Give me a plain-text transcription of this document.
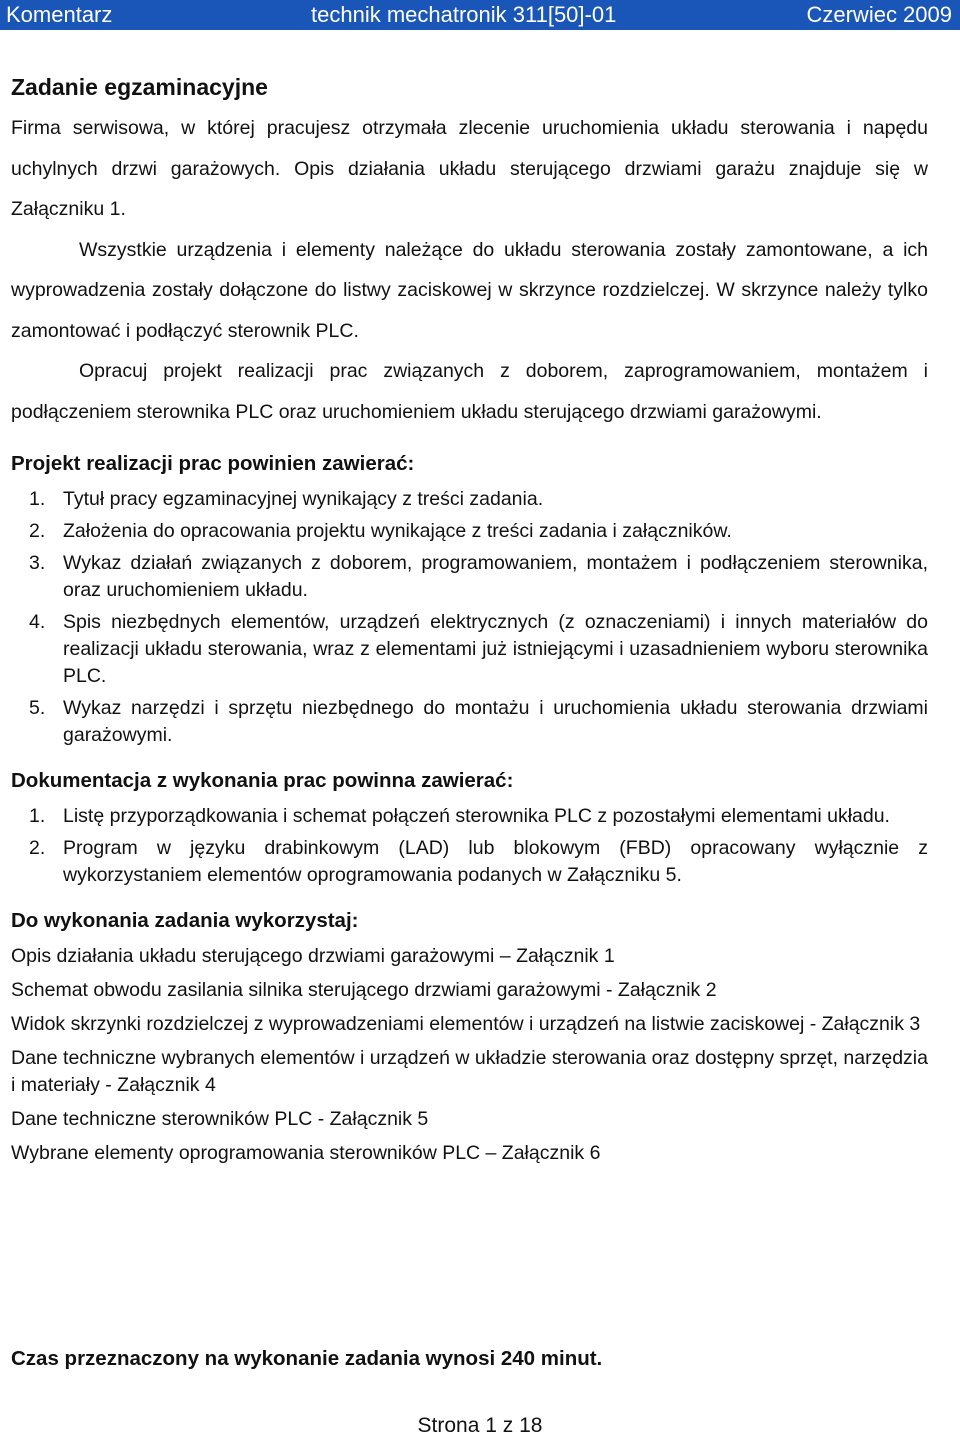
Komentarz	technik mechatronik 311[50]-01	Czerwiec 2009
Zadanie egzaminacyjne

Firma serwisowa, w której pracujesz otrzymała zlecenie uruchomienia układu sterowania i napędu uchylnych drzwi garażowych. Opis działania układu sterującego drzwiami garażu znajduje się w Załączniku 1.

Wszystkie urządzenia i elementy należące do układu sterowania zostały zamontowane, a ich wyprowadzenia zostały dołączone do listwy zaciskowej w skrzynce rozdzielczej. W skrzynce należy tylko zamontować i podłączyć sterownik PLC.

Opracuj projekt realizacji prac związanych z doborem, zaprogramowaniem, montażem i podłączeniem sterownika PLC oraz uruchomieniem układu sterującego drzwiami garażowymi.

Projekt realizacji prac powinien zawierać:
1. Tytuł pracy egzaminacyjnej wynikający z treści zadania.
2. Założenia do opracowania projektu wynikające z treści zadania i załączników.
3. Wykaz działań związanych z doborem, programowaniem, montażem i podłączeniem sterownika, oraz uruchomieniem układu.
4. Spis niezbędnych elementów, urządzeń elektrycznych (z oznaczeniami) i innych materiałów do realizacji układu sterowania, wraz z elementami już istniejącymi i uzasadnieniem wyboru sterownika PLC.
5. Wykaz narzędzi i sprzętu niezbędnego do montażu i uruchomienia układu sterowania drzwiami garażowymi.
Dokumentacja z wykonania prac powinna zawierać:
1. Listę przyporządkowania i schemat połączeń sterownika PLC z pozostałymi elementami układu.
2. Program w języku drabinkowym (LAD) lub blokowym (FBD) opracowany wyłącznie z wykorzystaniem elementów oprogramowania podanych w Załączniku 5.
Do wykonania zadania wykorzystaj:

Opis działania układu sterującego drzwiami garażowymi – Załącznik 1

Schemat obwodu zasilania silnika sterującego drzwiami garażowymi - Załącznik 2

Widok skrzynki rozdzielczej z wyprowadzeniami elementów i urządzeń na listwie zaciskowej - Załącznik 3

Dane techniczne wybranych elementów i urządzeń w układzie sterowania oraz dostępny sprzęt, narzędzia i materiały - Załącznik 4

Dane techniczne sterowników PLC - Załącznik 5

Wybrane elementy oprogramowania sterowników PLC – Załącznik 6

Czas przeznaczony na wykonanie zadania wynosi 240 minut.
Strona 1 z 18
